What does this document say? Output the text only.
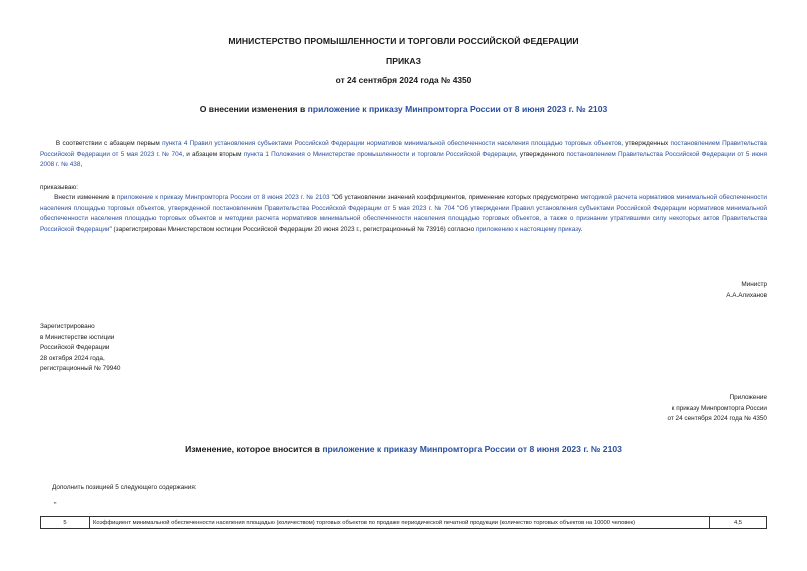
МИНИСТЕРСТВО ПРОМЫШЛЕННОСТИ И ТОРГОВЛИ РОССИЙСКОЙ ФЕДЕРАЦИИ
ПРИКАЗ
от 24 сентября 2024 года № 4350
О внесении изменения в приложение к приказу Минпромторга России от 8 июня 2023 г. № 2103
В соответствии с абзацем первым пункта 4 Правил установления субъектами Российской Федерации нормативов минимальной обеспеченности населения площадью торговых объектов, утвержденных постановлением Правительства Российской Федерации от 5 мая 2023 г. № 704, и абзацем вторым пункта 1 Положения о Министерстве промышленности и торговли Российской Федерации, утвержденного постановлением Правительства Российской Федерации от 5 июня 2008 г. № 438,
приказываю:
Внести изменение в приложение к приказу Минпромторга России от 8 июня 2023 г. № 2103 "Об установлении значений коэффициентов, применение которых предусмотрено методикой расчета нормативов минимальной обеспеченности населения площадью торговых объектов, утвержденной постановлением Правительства Российской Федерации от 5 мая 2023 г. № 704 "Об утверждении Правил установления субъектами Российской Федерации нормативов минимальной обеспеченности населения площадью торговых объектов и методики расчета нормативов минимальной обеспеченности населения площадью торговых объектов, а также о признании утратившими силу некоторых актов Правительства Российской Федерации" (зарегистрирован Министерством юстиции Российской Федерации 20 июня 2023 г., регистрационный № 73916) согласно приложению к настоящему приказу.
Министр
А.А.Алиханов
Зарегистрировано
в Министерстве юстиции
Российской Федерации
28 октября 2024 года,
регистрационный № 79940
Приложение
к приказу Минпромторга России
от 24 сентября 2024 года № 4350
Изменение, которое вносится в приложение к приказу Минпромторга России от 8 июня 2023 г. № 2103
Дополнить позицией 5 следующего содержания:
"
5	Коэффициент минимальной обеспеченности населения площадью (количеством) торговых объектов по продаже периодической печатной продукции (количество торговых объектов на 10000 человек)	4,5
